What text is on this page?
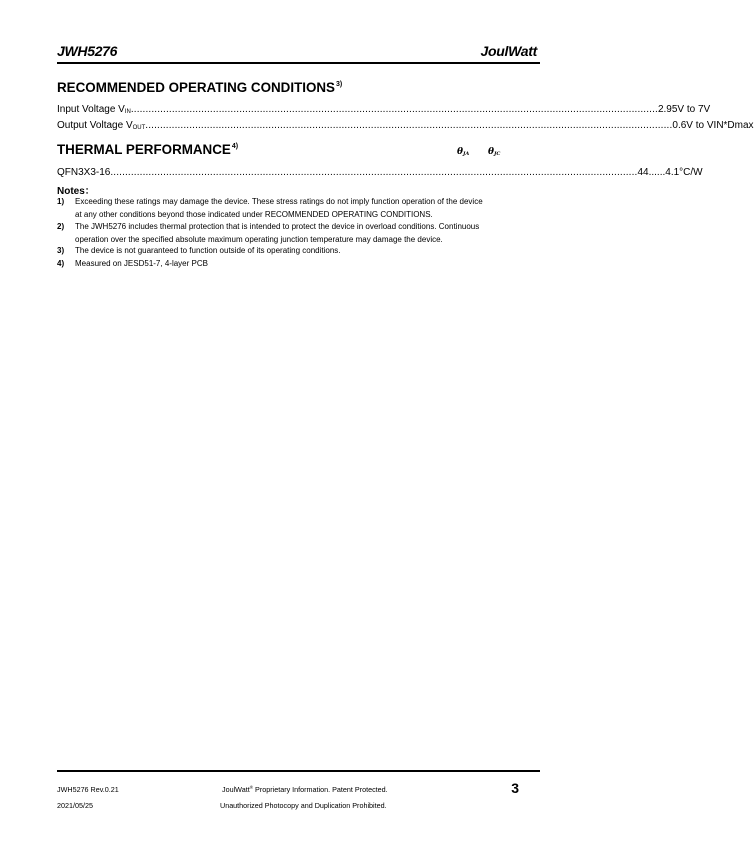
JWH5276	JoulWatt
RECOMMENDED OPERATING CONDITIONS$^{3)}$
Input Voltage $V_{IN}$ .................................................................................................................................................................................... 2.95V to 7V
Output Voltage $V_{OUT}$ .................................................................................................................................................................................... 0.6V to VIN*Dmax
THERMAL PERFORMANCE$^{4)}$
$\theta_{JA}$ $\theta_{JC}$
QFN3X3-16 .................................................................................................................................................................................... 44......4.1°C/W
Notes：
1) Exceeding these ratings may damage the device. These stress ratings do not imply function operation of the device
at any other conditions beyond those indicated under RECOMMENDED OPERATING CONDITIONS.
2) The JWH5276 includes thermal protection that is intended to protect the device in overload conditions. Continuous
operation over the specified absolute maximum operating junction temperature may damage the device.
3) The device is not guaranteed to function outside of its operating conditions.
4) Measured on JESD51-7, 4-layer PCB
JWH5276 Rev.0.21
2021/05/25
JoulWatt® Proprietary Information. Patent Protected.
Unauthorized Photocopy and Duplication Prohibited.
3
